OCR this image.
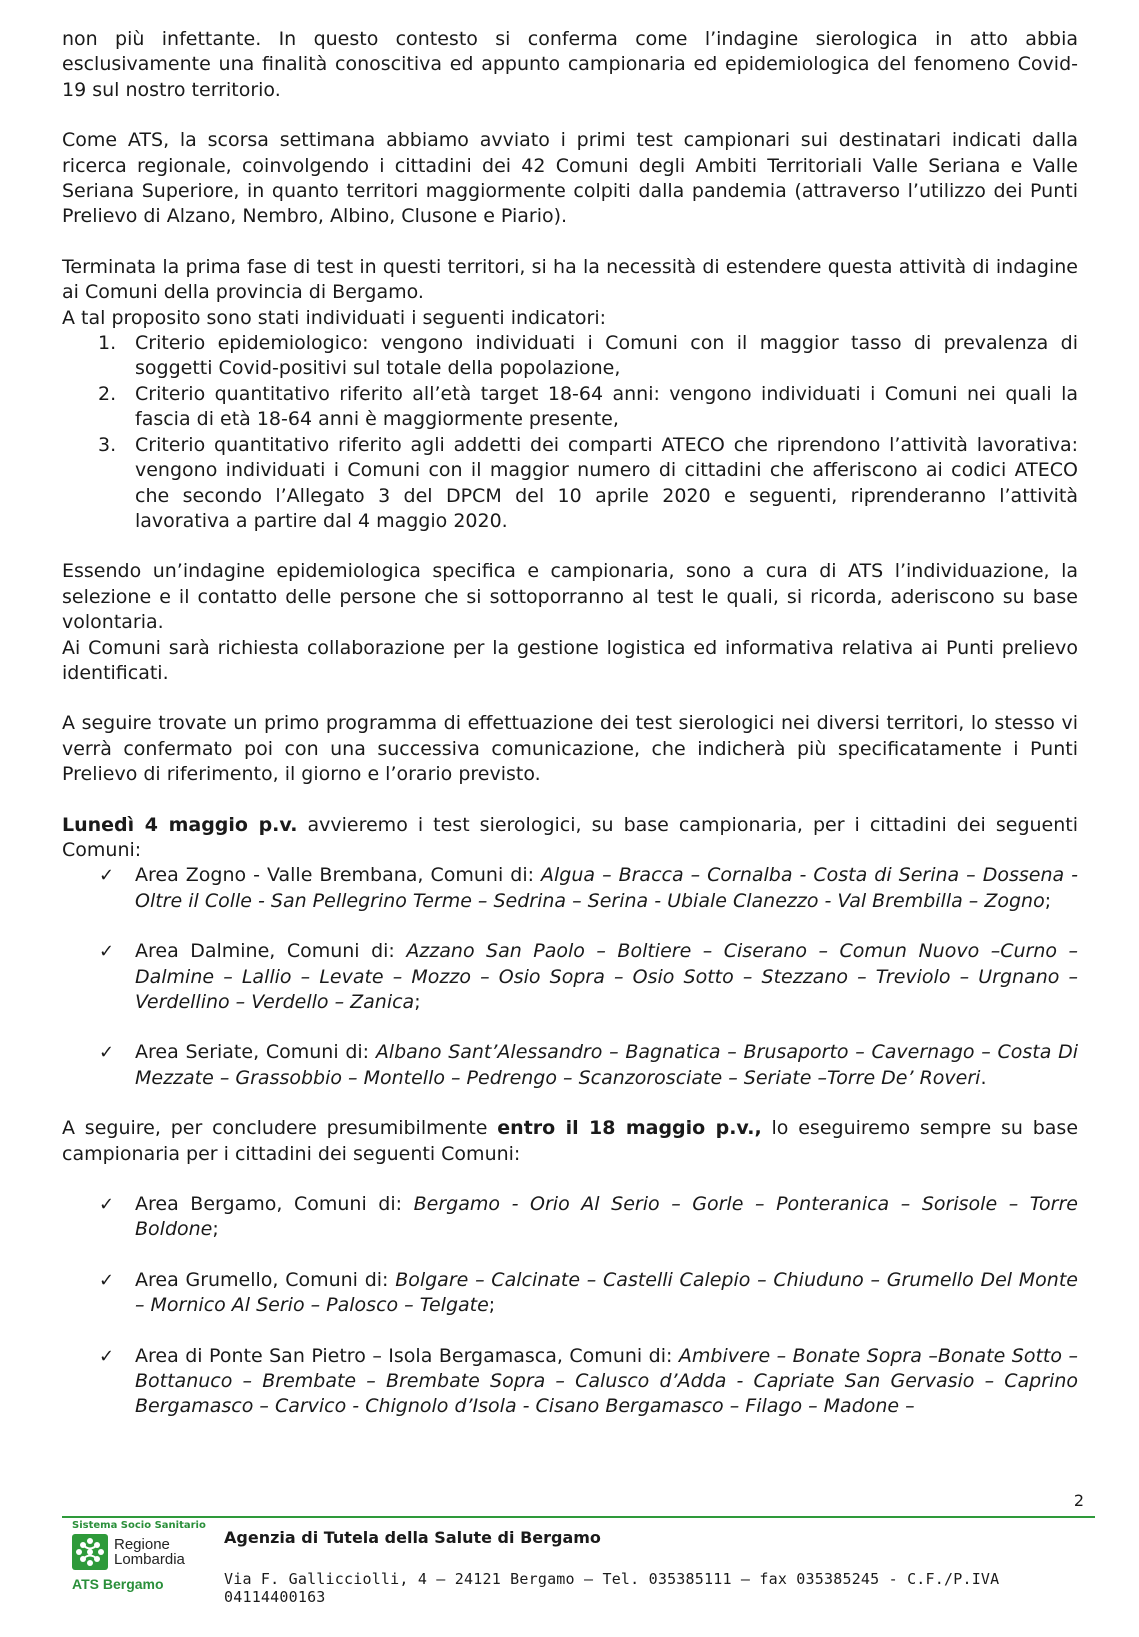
non più infettante. In questo contesto si conferma come l’indagine sierologica in atto abbia esclusivamente una finalità conoscitiva ed appunto campionaria ed epidemiologica del fenomeno Covid-19 sul nostro territorio.

Come ATS, la scorsa settimana abbiamo avviato i primi test campionari sui destinatari indicati dalla ricerca regionale, coinvolgendo i cittadini dei 42 Comuni degli Ambiti Territoriali Valle Seriana e Valle Seriana Superiore, in quanto territori maggiormente colpiti dalla pandemia (attraverso l’utilizzo dei Punti Prelievo di Alzano, Nembro, Albino, Clusone e Piario).

Terminata la prima fase di test in questi territori, si ha la necessità di estendere questa attività di indagine ai Comuni della provincia di Bergamo.

A tal proposito sono stati individuati i seguenti indicatori:

1. Criterio epidemiologico: vengono individuati i Comuni con il maggior tasso di prevalenza di soggetti Covid-positivi sul totale della popolazione,
2. Criterio quantitativo riferito all’età target 18-64 anni: vengono individuati i Comuni nei quali la fascia di età 18-64 anni è maggiormente presente,
3. Criterio quantitativo riferito agli addetti dei comparti ATECO che riprendono l’attività lavorativa: vengono individuati i Comuni con il maggior numero di cittadini che afferiscono ai codici ATECO che secondo l’Allegato 3 del DPCM del 10 aprile 2020 e seguenti, riprenderanno l’attività lavorativa a partire dal 4 maggio 2020.

Essendo un’indagine epidemiologica specifica e campionaria, sono a cura di ATS l’individuazione, la selezione e il contatto delle persone che si sottoporranno al test le quali, si ricorda, aderiscono su base volontaria.

Ai Comuni sarà richiesta collaborazione per la gestione logistica ed informativa relativa ai Punti prelievo identificati.

A seguire trovate un primo programma di effettuazione dei test sierologici nei diversi territori, lo stesso vi verrà confermato poi con una successiva comunicazione, che indicherà più specificatamente i Punti Prelievo di riferimento, il giorno e l’orario previsto.

Lunedì 4 maggio p.v. avvieremo i test sierologici, su base campionaria, per i cittadini dei seguenti Comuni:

✓ Area Zogno - Valle Brembana, Comuni di: Algua – Bracca – Cornalba - Costa di Serina – Dossena - Oltre il Colle - San Pellegrino Terme – Sedrina – Serina - Ubiale Clanezzo - Val Brembilla – Zogno;
✓ Area Dalmine, Comuni di: Azzano San Paolo – Boltiere – Ciserano – Comun Nuovo –Curno – Dalmine – Lallio – Levate – Mozzo – Osio Sopra – Osio Sotto – Stezzano – Treviolo – Urgnano – Verdellino – Verdello – Zanica;
✓ Area Seriate, Comuni di: Albano Sant’Alessandro – Bagnatica – Brusaporto – Cavernago – Costa Di Mezzate – Grassobbio – Montello – Pedrengo – Scanzorosciate – Seriate –Torre De’ Roveri.

A seguire, per concludere presumibilmente entro il 18 maggio p.v., lo eseguiremo sempre su base campionaria per i cittadini dei seguenti Comuni:

✓ Area Bergamo, Comuni di: Bergamo - Orio Al Serio – Gorle – Ponteranica – Sorisole – Torre Boldone;
✓ Area Grumello, Comuni di: Bolgare – Calcinate – Castelli Calepio – Chiuduno – Grumello Del Monte – Mornico Al Serio – Palosco – Telgate;
✓ Area di Ponte San Pietro – Isola Bergamasca, Comuni di: Ambivere – Bonate Sopra –Bonate Sotto – Bottanuco – Brembate – Brembate Sopra – Calusco d’Adda - Capriate San Gervasio – Caprino Bergamasco – Carvico - Chignolo d’Isola - Cisano Bergamasco – Filago – Madone –
2
Sistema Socio Sanitario
Regione
Lombardia
ATS Bergamo
Agenzia di Tutela della Salute di Bergamo
Via F. Gallicciolli, 4 – 24121 Bergamo – Tel. 035385111 – fax 035385245 - C.F./P.IVA 04114400163
